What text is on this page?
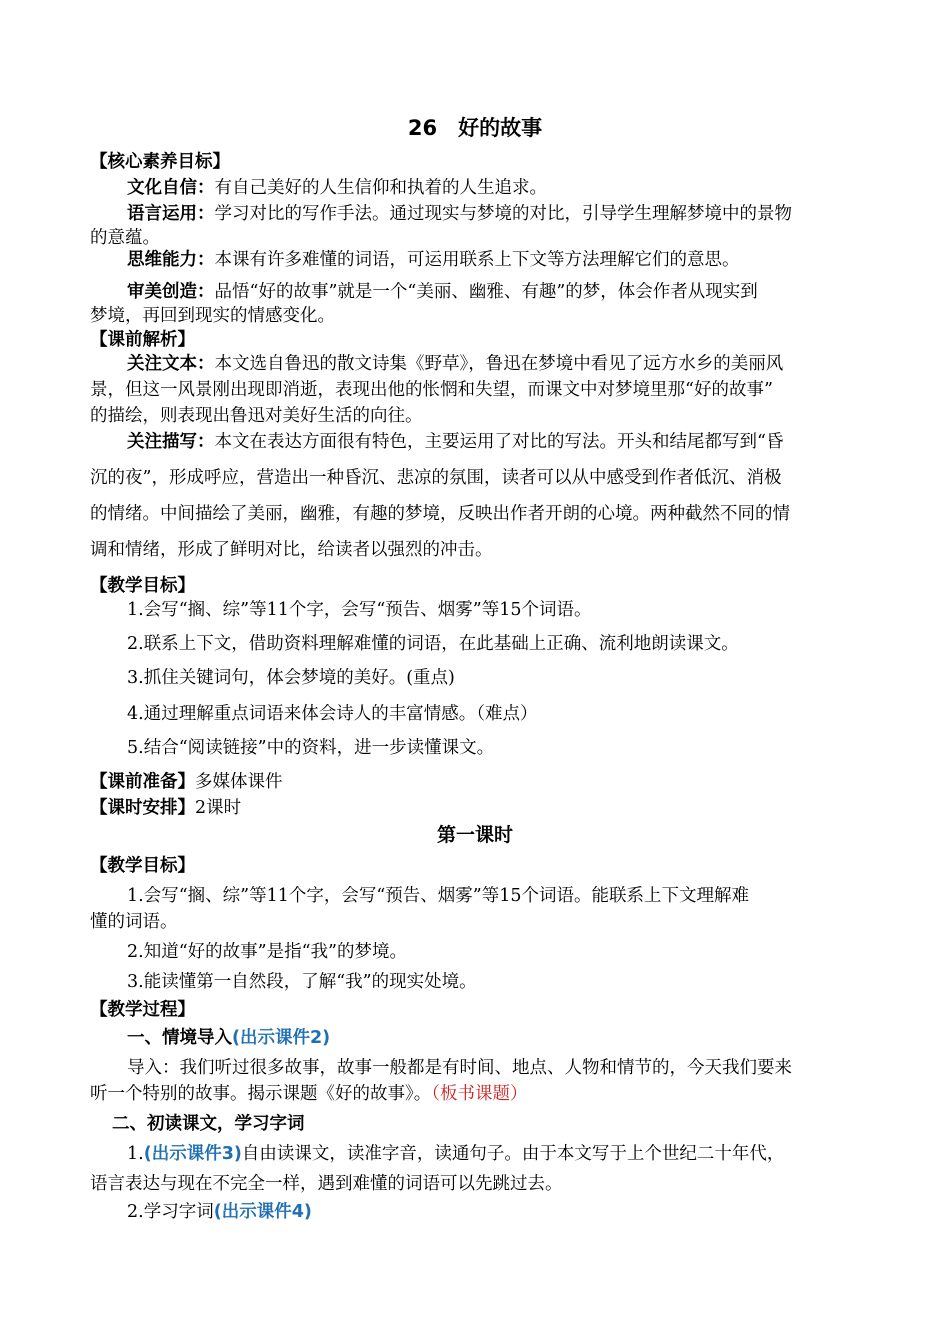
26　好的故事
【核心素养目标】
文化自信：有自己美好的人生信仰和执着的人生追求。
语言运用：学习对比的写作手法。通过现实与梦境的对比，引导学生理解梦境中的景物
的意蕴。
思维能力：本课有许多难懂的词语，可运用联系上下文等方法理解它们的意思。
审美创造：品悟“好的故事”就是一个“美丽、幽雅、有趣”的梦，体会作者从现实到
梦境，再回到现实的情感变化。
【课前解析】
关注文本：本文选自鲁迅的散文诗集《野草》，鲁迅在梦境中看见了远方水乡的美丽风
景，但这一风景刚出现即消逝，表现出他的怅惘和失望，而课文中对梦境里那“好的故事”
的描绘，则表现出鲁迅对美好生活的向往。
关注描写：本文在表达方面很有特色，主要运用了对比的写法。开头和结尾都写到“昏
沉的夜”，形成呼应，营造出一种昏沉、悲凉的氛围，读者可以从中感受到作者低沉、消极
的情绪。中间描绘了美丽，幽雅，有趣的梦境，反映出作者开朗的心境。两种截然不同的情
调和情绪，形成了鲜明对比，给读者以强烈的冲击。
【教学目标】
1.会写“搁、综”等11个字，会写“预告、烟雾”等15个词语。
2.联系上下文，借助资料理解难懂的词语，在此基础上正确、流利地朗读课文。
3.抓住关键词句，体会梦境的美好。(重点)
4.通过理解重点词语来体会诗人的丰富情感。（难点）
5.结合“阅读链接”中的资料，进一步读懂课文。
【课前准备】多媒体课件
【课时安排】2课时
第一课时
【教学目标】
1.会写“搁、综”等11个字，会写“预告、烟雾”等15个词语。能联系上下文理解难
懂的词语。
2.知道“好的故事”是指“我”的梦境。
3.能读懂第一自然段，了解“我”的现实处境。
【教学过程】
一、情境导入(出示课件2)
导入：我们听过很多故事，故事一般都是有时间、地点、人物和情节的，今天我们要来
听一个特别的故事。揭示课题《好的故事》。（板书课题）
二、初读课文，学习字词
1.(出示课件3)自由读课文，读准字音，读通句子。由于本文写于上个世纪二十年代，
语言表达与现在不完全一样，遇到难懂的词语可以先跳过去。
2.学习字词(出示课件4)
